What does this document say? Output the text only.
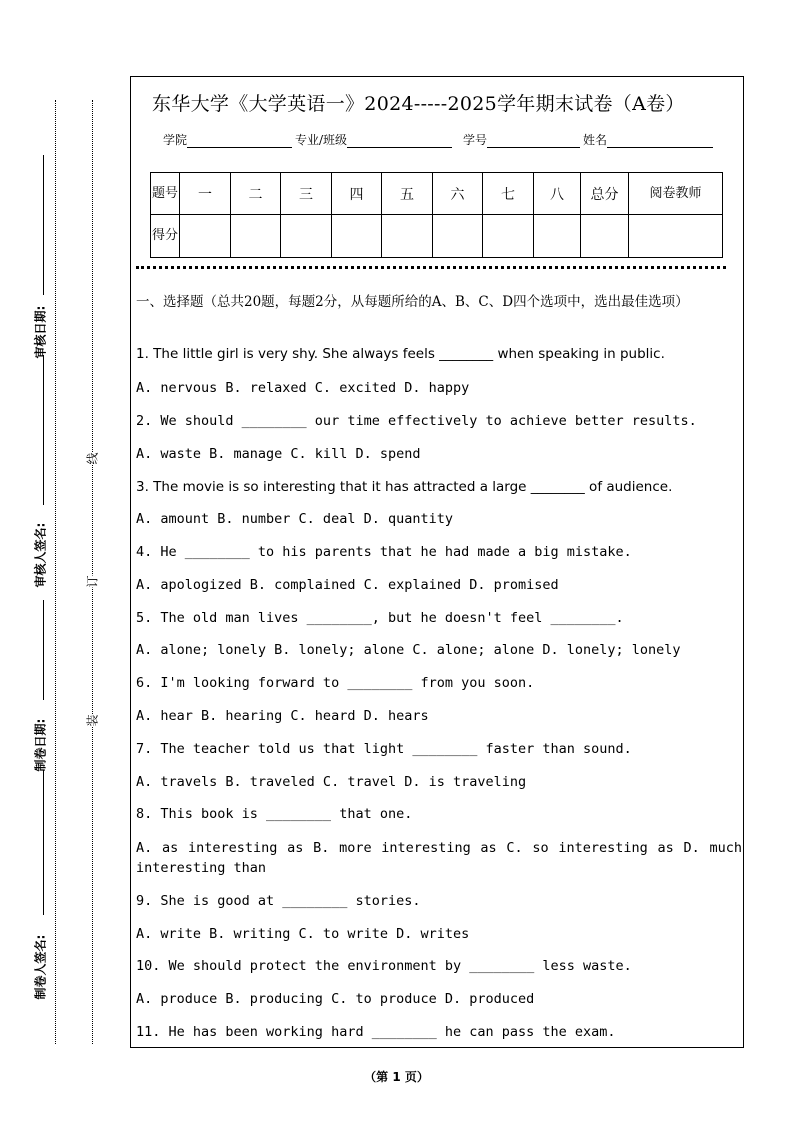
审核日期:
审核人签名:
制卷日期:
制卷人签名:
线
订
装
东华大学《大学英语一》2024-----2025学年期末试卷（A卷）
学院	专业/班级	学号	姓名
题号	一	二	三	四	五	六	七	八	总分	阅卷教师
得分										
一、选择题（总共20题，每题2分，从每题所给的A、B、C、D四个选项中，选出最佳选项）
1. The little girl is very shy. She always feels ________ when speaking in public.
A. nervous B. relaxed C. excited D. happy
2. We should ________ our time effectively to achieve better results.
A. waste B. manage C. kill D. spend
3. The movie is so interesting that it has attracted a large ________ of audience.
A. amount B. number C. deal D. quantity
4. He ________ to his parents that he had made a big mistake.
A. apologized B. complained C. explained D. promised
5. The old man lives ________, but he doesn't feel ________.
A. alone; lonely B. lonely; alone C. alone; alone D. lonely; lonely
6. I'm looking forward to ________ from you soon.
A. hear B. hearing C. heard D. hears
7. The teacher told us that light ________ faster than sound.
A. travels B. traveled C. travel D. is traveling
8. This book is ________ that one.
A. as interesting as B. more interesting as C. so interesting as D. much
interesting than
9. She is good at ________ stories.
A. write B. writing C. to write D. writes
10. We should protect the environment by ________ less waste.
A. produce B. producing C. to produce D. produced
11. He has been working hard ________ he can pass the exam.
（第 1 页）
